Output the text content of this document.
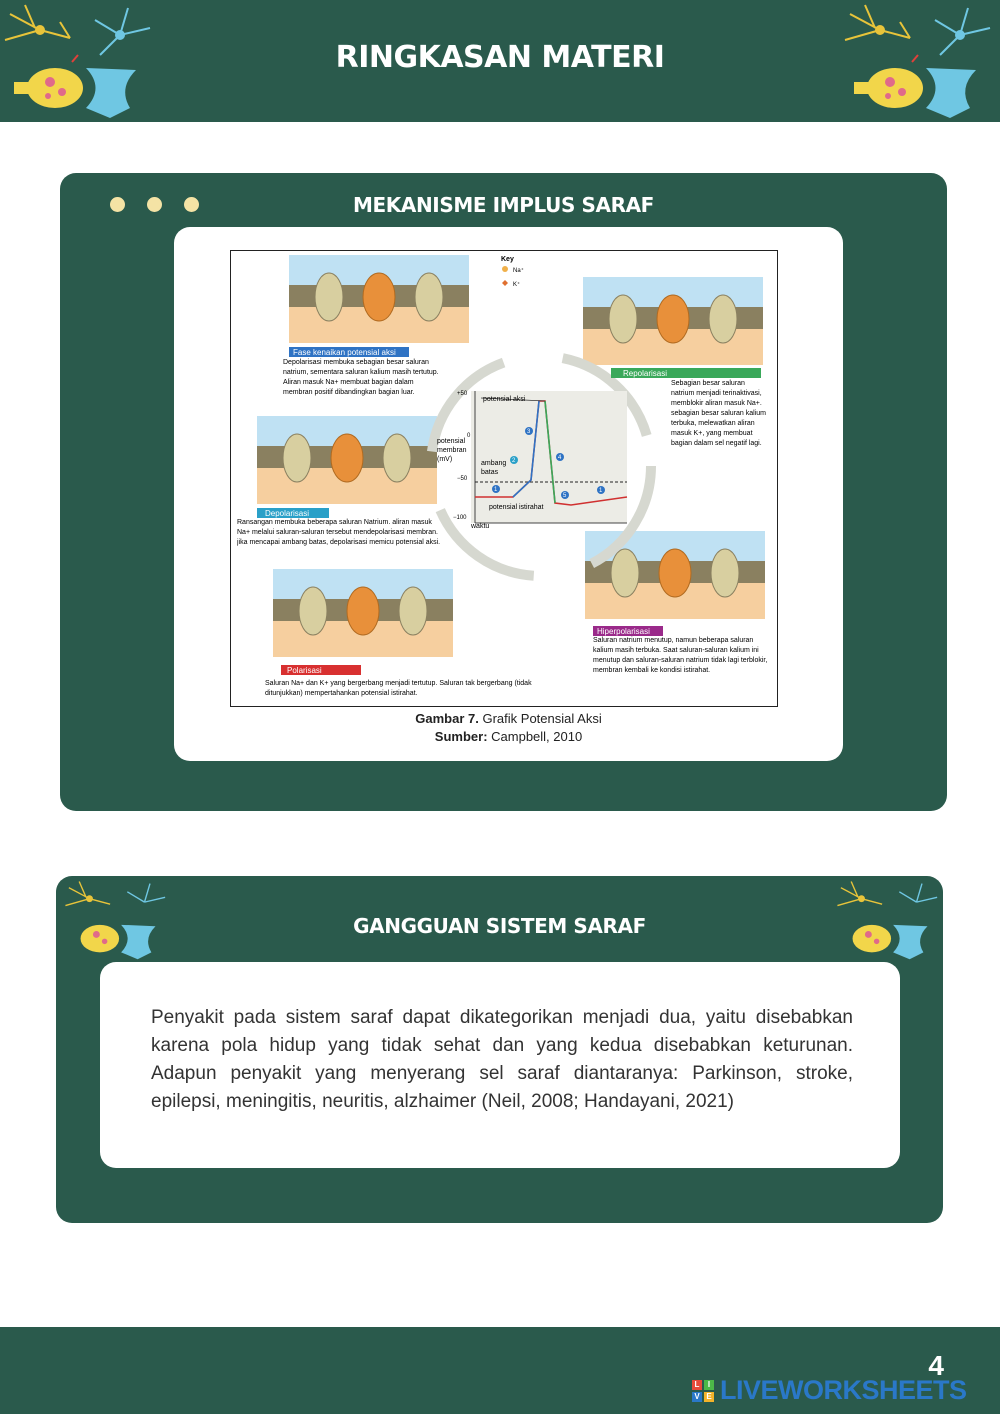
RINGKASAN MATERI
MEKANISME IMPLUS SARAF
Key
Na⁺
K⁺
Fase kenaikan potensial aksi
Depolarisasi membuka sebagian besar saluran natrium, sementara saluran kalium masih tertutup. Aliran masuk Na+ membuat bagian dalam membran positif dibandingkan bagian luar.
Repolarisasi
Sebagian besar saluran natrium menjadi terinaktivasi, memblokir aliran masuk Na+. sebagian besar saluran kalium terbuka, melewatkan aliran masuk K+, yang membuat bagian dalam sel negatif lagi.
Depolarisasi
Ransangan membuka beberapa saluran Natrium. aliran masuk Na+ melalui saluran-saluran tersebut mendepolarisasi membran. jika mencapai ambang batas, depolarisasi memicu potensial aksi.
Hiperpolarisasi
Saluran natrium menutup, namun beberapa saluran kalium masih terbuka. Saat saluran-saluran kalium ini menutup dan saluran-saluran natrium tidak lagi terblokir, membran kembali ke kondisi istirahat.
Polarisasi
Saluran Na+ dan K+ yang bergerbang menjadi tertutup. Saluran tak bergerbang (tidak ditunjukkan) mempertahankan potensial istirahat.
potensial membran (mV)
+50
0
−50
−100
waktu
potensial aksi
ambang batas
potensial istirahat
1
2
3
4
5
1
Gambar 7. Grafik Potensial Aksi
Sumber: Campbell, 2010
GANGGUAN SISTEM SARAF
Penyakit pada sistem saraf dapat dikategorikan menjadi dua, yaitu disebabkan karena pola hidup yang tidak sehat dan yang kedua disebabkan keturunan. Adapun penyakit yang menyerang sel saraf diantaranya: Parkinson, stroke, epilepsi, meningitis, neuritis, alzhaimer (Neil, 2008; Handayani, 2021)
4
L	I
V E LIVEWORKSHEETS
